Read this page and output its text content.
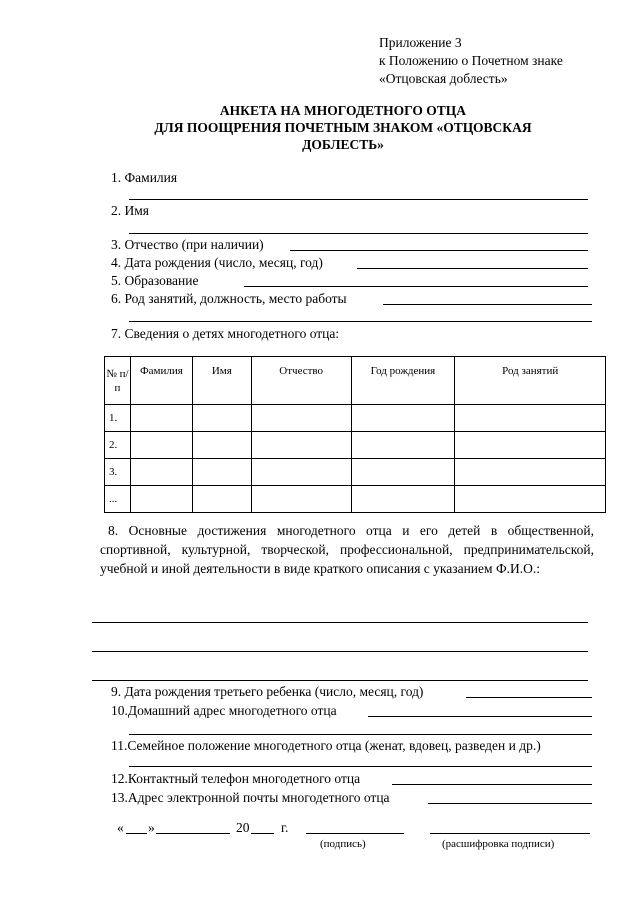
Приложение 3
к Положению о Почетном знаке
«Отцовская доблесть»
АНКЕТА НА МНОГОДЕТНОГО ОТЦА
ДЛЯ ПООЩРЕНИЯ ПОЧЕТНЫМ ЗНАКОМ «ОТЦОВСКАЯ
ДОБЛЕСТЬ»
1. Фамилия
2. Имя
3. Отчество (при наличии)
4. Дата рождения (число, месяц, год)
5. Образование
6. Род занятий, должность, место работы
7. Сведения о детях многодетного отца:
№ п/п	Фамилия	Имя	Отчество	Год рождения	Род занятий
1.					
2.					
3.					
...					
8. Основные достижения многодетного отца и его детей в общественной, спортивной, культурной, творческой, профессиональной, предпринимательской, учебной и иной деятельности в виде краткого описания с указанием Ф.И.О.:
9. Дата рождения третьего ребенка (число, месяц, год)
10.Домашний адрес многодетного отца
11.Семейное положение многодетного отца (женат, вдовец, разведен и др.)
12.Контактный телефон многодетного отца
13.Адрес электронной почты многодетного отца
« »	20 г.
(подпись)	(расшифровка подписи)
